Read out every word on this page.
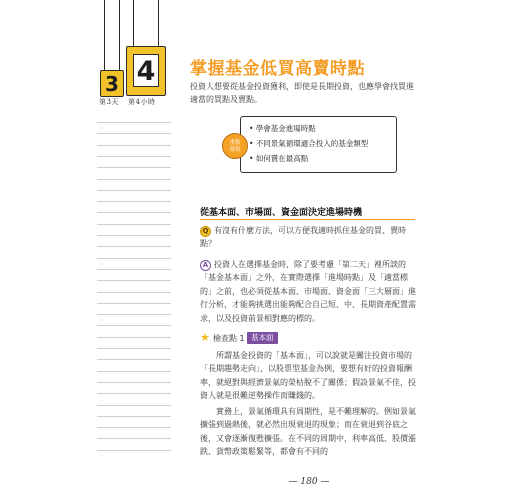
3 4
第3天 第4小時
掌握基金低買高賣時點
投資人想要從基金投資獲利，即使是長期投資，也應學會找買進適當的買點及賣點。
• 學會基金進場時點
• 不同景氣循環適合投入的基金類型
• 如何賣在最高點
重點
導航
從基本面、市場面、資金面決定進場時機
Q 有沒有什麼方法，可以方便我適時抓住基金的買、賣時點？
A 投資人在選擇基金時，除了要考慮「第二天」裡所談的「基金基本面」之外，在實際選擇「進場時點」及「適當標的」之前，也必須從基本面、市場面、資金面「三大層面」進行分析，才能夠挑選出能夠配合自己短、中、長期資產配置需求，以及投資前景相對應的標的。
★ 檢查點 1 基本面
所謂基金投資的「基本面」，可以說就是關注投資市場的「長期趨勢走向」，以股票型基金為例，要想有好的投資報酬率，就絕對與經濟景氣的榮枯脫不了關係；假設景氣不佳，投資人就是很難逆勢操作而賺錢的。
實務上，景氣循環具有周期性，是不難理解的。例如景氣擴張到過熱後，就必然出現衰退的現象；而在衰退到谷底之後，又會逐漸復甦擴張。在不同的周期中，利率高低、股價漲跌、貨幣政策鬆緊等，都會有不同的
— 180 —
